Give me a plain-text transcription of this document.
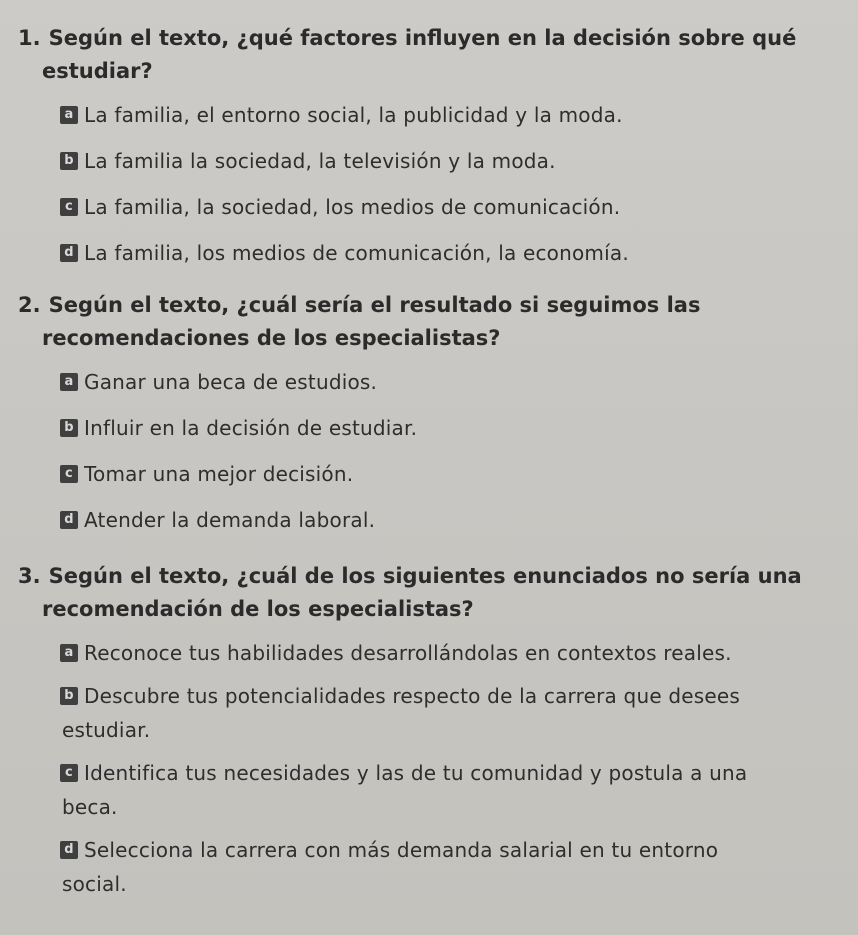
1. Según el texto, ¿qué factores influyen en la decisión sobre qué
estudiar?

a La familia, el entorno social, la publicidad y la moda.
b La familia la sociedad, la televisión y la moda.
c La familia, la sociedad, los medios de comunicación.
d La familia, los medios de comunicación, la economía.

2. Según el texto, ¿cuál sería el resultado si seguimos las
recomendaciones de los especialistas?

a Ganar una beca de estudios.
b Influir en la decisión de estudiar.
c Tomar una mejor decisión.
d Atender la demanda laboral.

3. Según el texto, ¿cuál de los siguientes enunciados no sería una
recomendación de los especialistas?

a Reconoce tus habilidades desarrollándolas en contextos reales.
b Descubre tus potencialidades respecto de la carrera que desees
estudiar.
c Identifica tus necesidades y las de tu comunidad y postula a una
beca.
d Selecciona la carrera con más demanda salarial en tu entorno
social.
